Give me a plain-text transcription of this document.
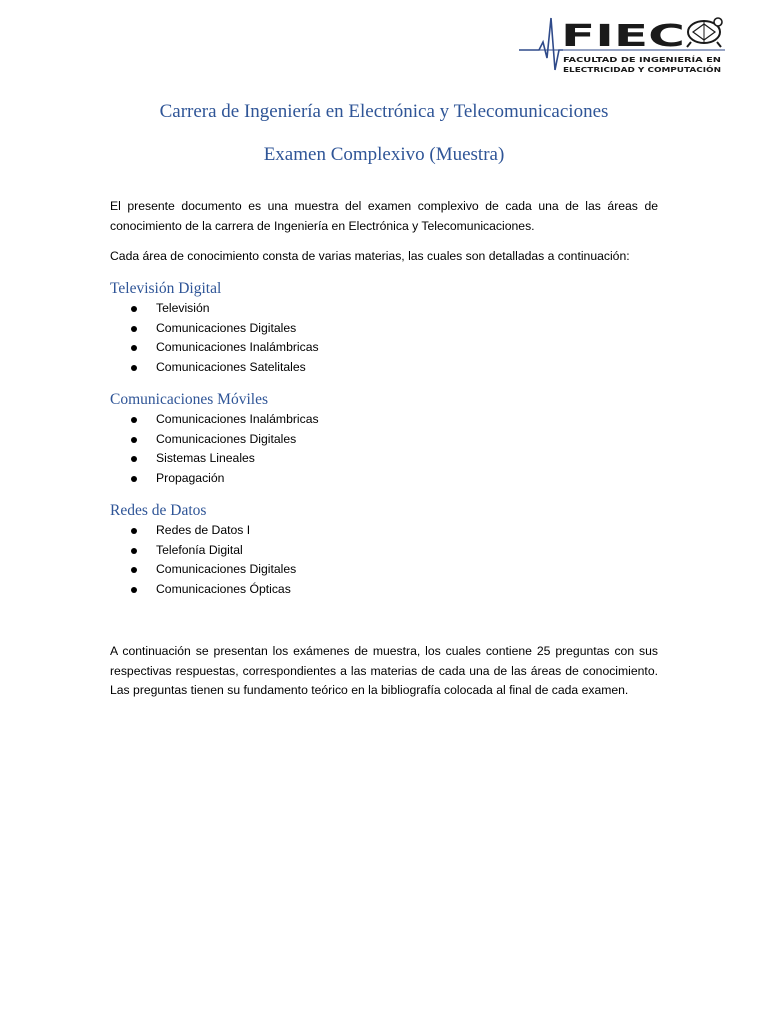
FIEC
FACULTAD DE INGENIERÍA EN
ELECTRICIDAD Y COMPUTACIÓN
Carrera de Ingeniería en Electrónica y Telecomunicaciones
Examen Complexivo (Muestra)

El presente documento es una muestra del examen complexivo de cada una de las áreas de conocimiento de la carrera de Ingeniería en Electrónica y Telecomunicaciones.

Cada área de conocimiento consta de varias materias, las cuales son detalladas a continuación:

Televisión Digital
Televisión
Comunicaciones Digitales
Comunicaciones Inalámbricas
Comunicaciones Satelitales
Comunicaciones Móviles
Comunicaciones Inalámbricas
Comunicaciones Digitales
Sistemas Lineales
Propagación
Redes de Datos
Redes de Datos I
Telefonía Digital
Comunicaciones Digitales
Comunicaciones Ópticas

A continuación se presentan los exámenes de muestra, los cuales contiene 25 preguntas con sus respectivas respuestas, correspondientes a las materias de cada una de las áreas de conocimiento. Las preguntas tienen su fundamento teórico en la bibliografía colocada al final de cada examen.
